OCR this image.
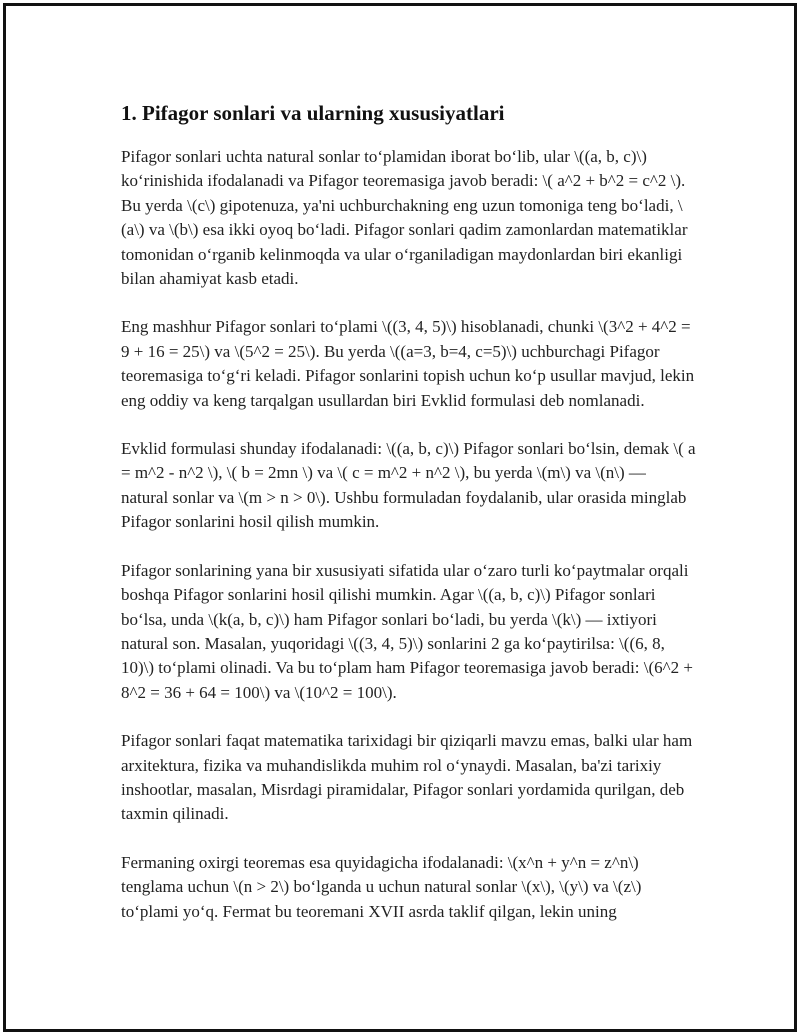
1. Pifagor sonlari va ularning xususiyatlari

Pifagor sonlari uchta natural sonlar to‘plamidan iborat bo‘lib, ular \((a, b, c)\) ko‘rinishida ifodalanadi va Pifagor teoremasiga javob beradi: \( a^2 + b^2 = c^2 \). Bu yerda \(c\) gipotenuza, ya'ni uchburchakning eng uzun tomoniga teng bo‘ladi, \(a\) va \(b\) esa ikki oyoq bo‘ladi. Pifagor sonlari qadim zamonlardan matematiklar tomonidan o‘rganib kelinmoqda va ular o‘rganiladigan maydonlardan biri ekanligi bilan ahamiyat kasb etadi.

Eng mashhur Pifagor sonlari to‘plami \((3, 4, 5)\) hisoblanadi, chunki \(3^2 + 4^2 = 9 + 16 = 25\) va \(5^2 = 25\). Bu yerda \((a=3, b=4, c=5)\) uchburchagi Pifagor teoremasiga to‘g‘ri keladi. Pifagor sonlarini topish uchun ko‘p usullar mavjud, lekin eng oddiy va keng tarqalgan usullardan biri Evklid formulasi deb nomlanadi.

Evklid formulasi shunday ifodalanadi: \((a, b, c)\) Pifagor sonlari bo‘lsin, demak \( a = m^2 - n^2 \), \( b = 2mn \) va \( c = m^2 + n^2 \), bu yerda \(m\) va \(n\) — natural sonlar va \(m > n > 0\). Ushbu formuladan foydalanib, ular orasida minglab Pifagor sonlarini hosil qilish mumkin.

Pifagor sonlarining yana bir xususiyati sifatida ular o‘zaro turli ko‘paytmalar orqali boshqa Pifagor sonlarini hosil qilishi mumkin. Agar \((a, b, c)\) Pifagor sonlari bo‘lsa, unda \(k(a, b, c)\) ham Pifagor sonlari bo‘ladi, bu yerda \(k\) — ixtiyori natural son. Masalan, yuqoridagi \((3, 4, 5)\) sonlarini 2 ga ko‘paytirilsa: \((6, 8, 10)\) to‘plami olinadi. Va bu to‘plam ham Pifagor teoremasiga javob beradi: \(6^2 + 8^2 = 36 + 64 = 100\) va \(10^2 = 100\).

Pifagor sonlari faqat matematika tarixidagi bir qiziqarli mavzu emas, balki ular ham arxitektura, fizika va muhandislikda muhim rol o‘ynaydi. Masalan, ba'zi tarixiy inshootlar, masalan, Misrdagi piramidalar, Pifagor sonlari yordamida qurilgan, deb taxmin qilinadi.

Fermaning oxirgi teoremas esa quyidagicha ifodalanadi: \(x^n + y^n = z^n\) tenglama uchun \(n > 2\) bo‘lganda u uchun natural sonlar \(x\), \(y\) va \(z\) to‘plami yo‘q. Fermat bu teoremani XVII asrda taklif qilgan, lekin uning
